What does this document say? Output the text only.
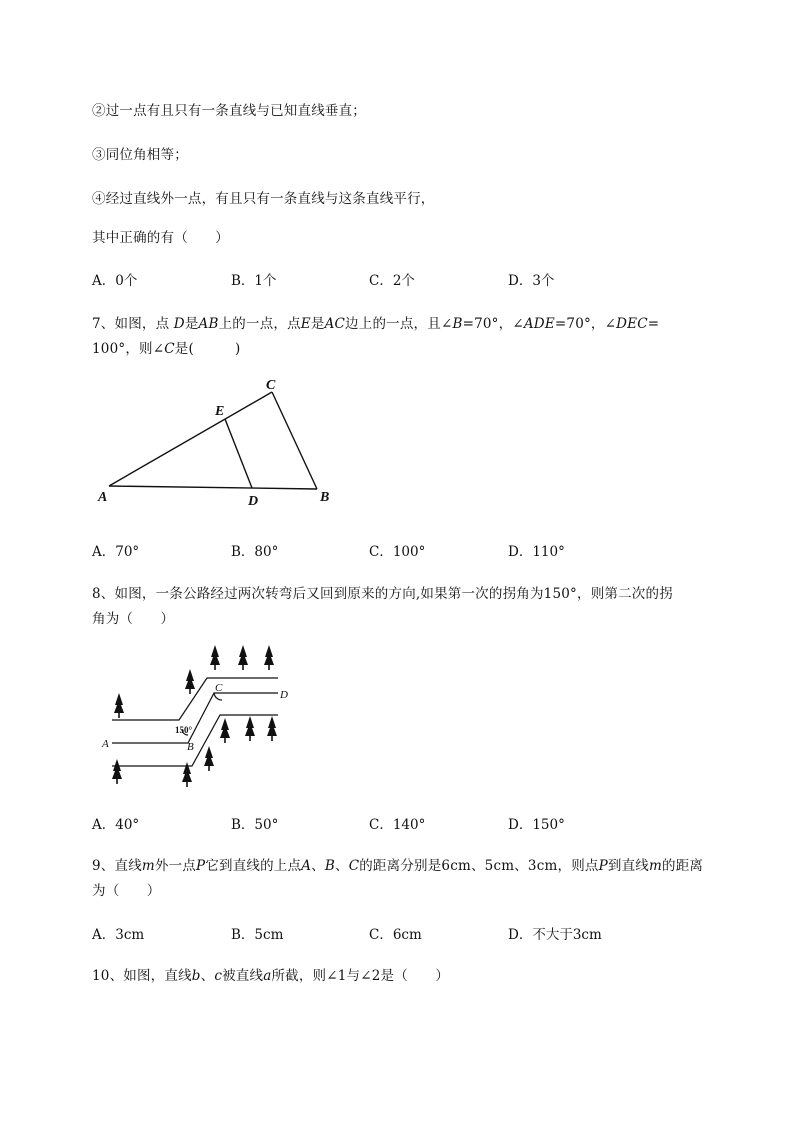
②过一点有且只有一条直线与已知直线垂直；
③同位角相等；
④经过直线外一点，有且只有一条直线与这条直线平行，
其中正确的有（　　）
A．0个	B．1个	C．2个	D．3个
7、如图，点 D是AB上的一点，点E是AC边上的一点，且∠B=70°，∠ADE=70°，∠DEC=
100°，则∠C是(　　　)
A	B
C
D
E
A．70°	B．80°	C．100°	D．110°
8、如图，一条公路经过两次转弯后又回到原来的方向,如果第一次的拐角为150°，则第二次的拐
角为（　　）
A	B
C
D
150°
A．40°	B．50°	C．140°	D．150°
9、直线m外一点P它到直线的上点A、B、C的距离分别是6cm、5cm、3cm，则点P到直线m的距离
为（　　）
A．3cm	B．5cm	C．6cm	D．不大于3cm
10、如图，直线b、c被直线a所截，则∠1与∠2是（　　）
